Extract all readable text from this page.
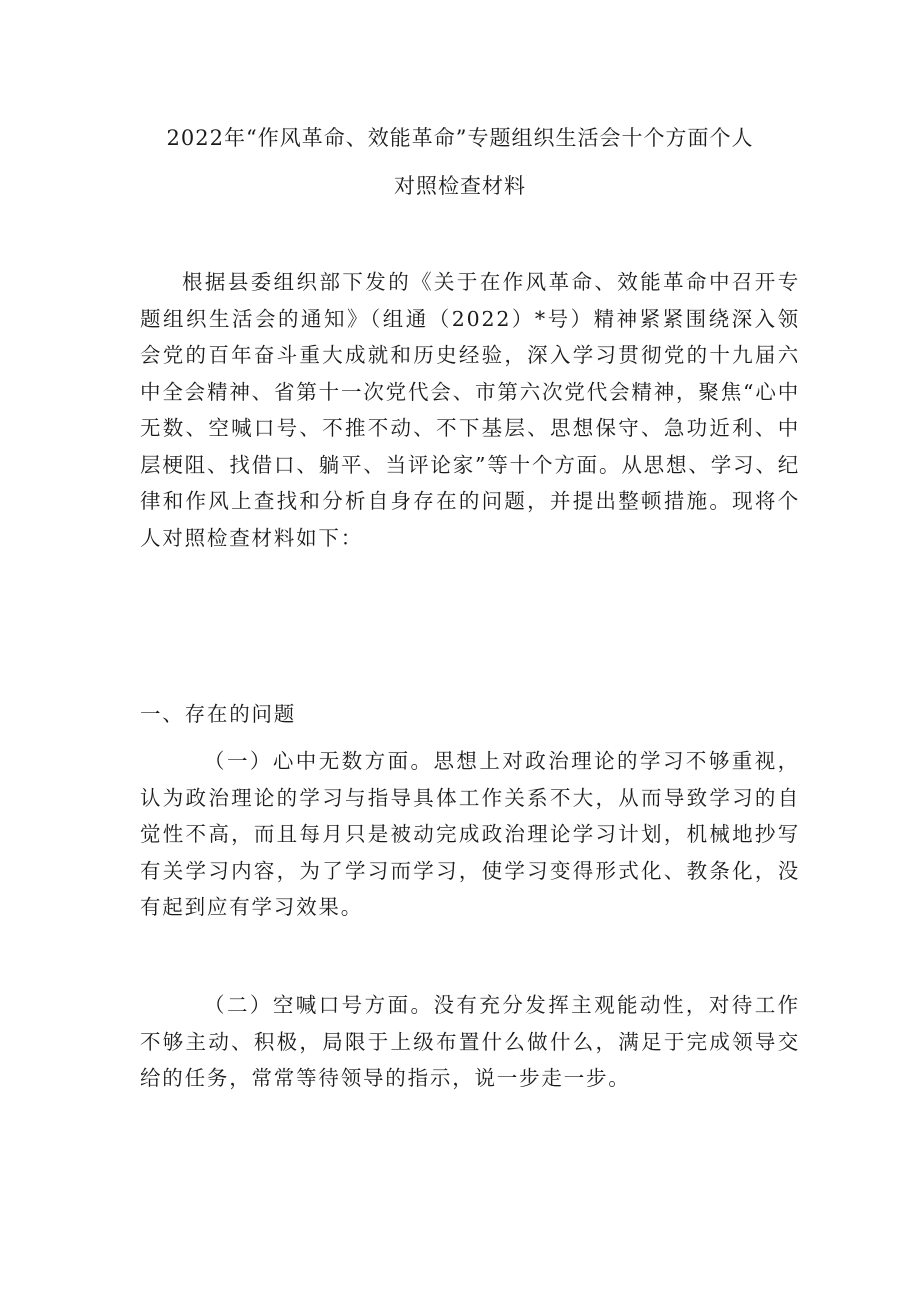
2022年“作风革命、效能革命”专题组织生活会十个方面个人
对照检查材料

根据县委组织部下发的《关于在作风革命、效能革命中召开专题组织生活会的通知》（组通（2022）*号）精神紧紧围绕深入领会党的百年奋斗重大成就和历史经验，深入学习贯彻党的十九届六中全会精神、省第十一次党代会、市第六次党代会精神，聚焦“心中无数、空喊口号、不推不动、不下基层、思想保守、急功近利、中层梗阻、找借口、躺平、当评论家”等十个方面。从思想、学习、纪律和作风上查找和分析自身存在的问题，并提出整顿措施。现将个人对照检查材料如下：

一、存在的问题

（一）心中无数方面。思想上对政治理论的学习不够重视，认为政治理论的学习与指导具体工作关系不大，从而导致学习的自觉性不高，而且每月只是被动完成政治理论学习计划，机械地抄写有关学习内容，为了学习而学习，使学习变得形式化、教条化，没有起到应有学习效果。

（二）空喊口号方面。没有充分发挥主观能动性，对待工作不够主动、积极，局限于上级布置什么做什么，满足于完成领导交给的任务，常常等待领导的指示，说一步走一步。
